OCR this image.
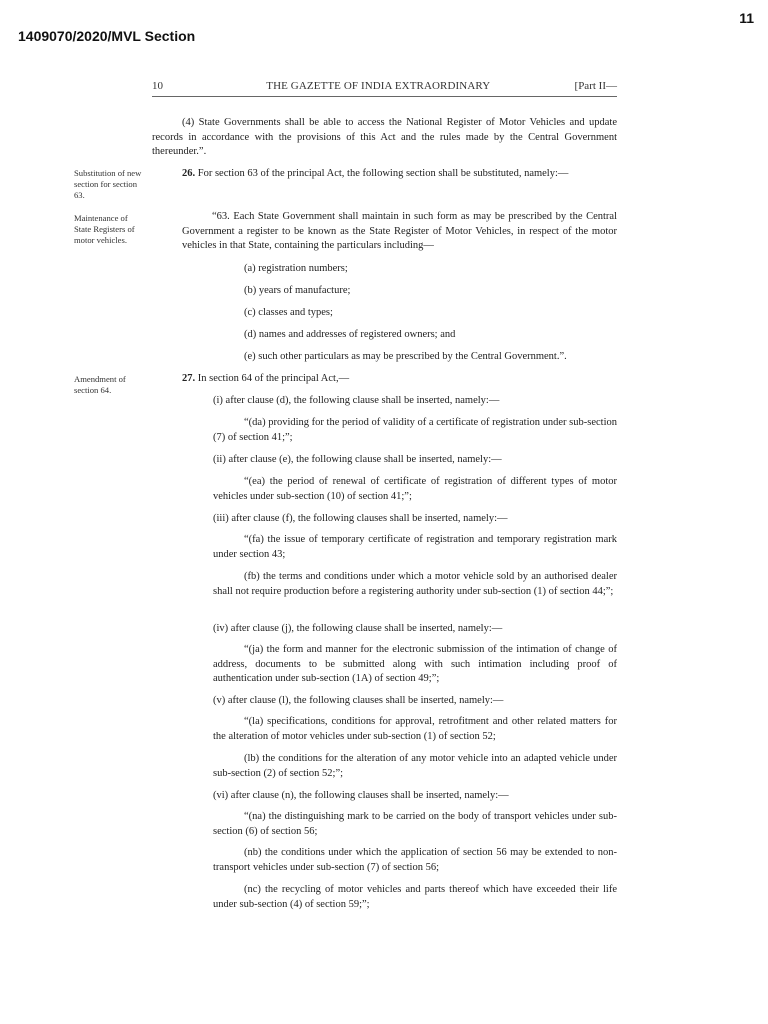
11
1409070/2020/MVL Section
10	THE GAZETTE OF INDIA EXTRAORDINARY	[Part II—
(4) State Governments shall be able to access the National Register of Motor Vehicles and update records in accordance with the provisions of this Act and the rules made by the Central Government thereunder.”.
Substitution of new section for section 63.
26. For section 63 of the principal Act, the following section shall be substituted, namely:—
Maintenance of State Registers of motor vehicles.
“63. Each State Government shall maintain in such form as may be prescribed by the Central Government a register to be known as the State Register of Motor Vehicles, in respect of the motor vehicles in that State, containing the particulars including—
(a) registration numbers;
(b) years of manufacture;
(c) classes and types;
(d) names and addresses of registered owners; and
(e) such other particulars as may be prescribed by the Central Government.”.
Amendment of section 64.
27. In section 64 of the principal Act,—
(i) after clause (d), the following clause shall be inserted, namely:—
“(da) providing for the period of validity of a certificate of registration under sub-section (7) of section 41;”;
(ii) after clause (e), the following clause shall be inserted, namely:—
“(ea) the period of renewal of certificate of registration of different types of motor vehicles under sub-section (10) of section 41;”;
(iii) after clause (f), the following clauses shall be inserted, namely:—
“(fa) the issue of temporary certificate of registration and temporary registration mark under section 43;
(fb) the terms and conditions under which a motor vehicle sold by an authorised dealer shall not require production before a registering authority under sub-section (1) of section 44;”;
(iv) after clause (j), the following clause shall be inserted, namely:—
“(ja) the form and manner for the electronic submission of the intimation of change of address, documents to be submitted along with such intimation including proof of authentication under sub-section (1A) of section 49;”;
(v) after clause (l), the following clauses shall be inserted, namely:—
“(la) specifications, conditions for approval, retrofitment and other related matters for the alteration of motor vehicles under sub-section (1) of section 52;
(lb) the conditions for the alteration of any motor vehicle into an adapted vehicle under sub-section (2) of section 52;”;
(vi) after clause (n), the following clauses shall be inserted, namely:—
“(na) the distinguishing mark to be carried on the body of transport vehicles under sub-section (6) of section 56;
(nb) the conditions under which the application of section 56 may be extended to non-transport vehicles under sub-section (7) of section 56;
(nc) the recycling of motor vehicles and parts thereof which have exceeded their life under sub-section (4) of section 59;”;
